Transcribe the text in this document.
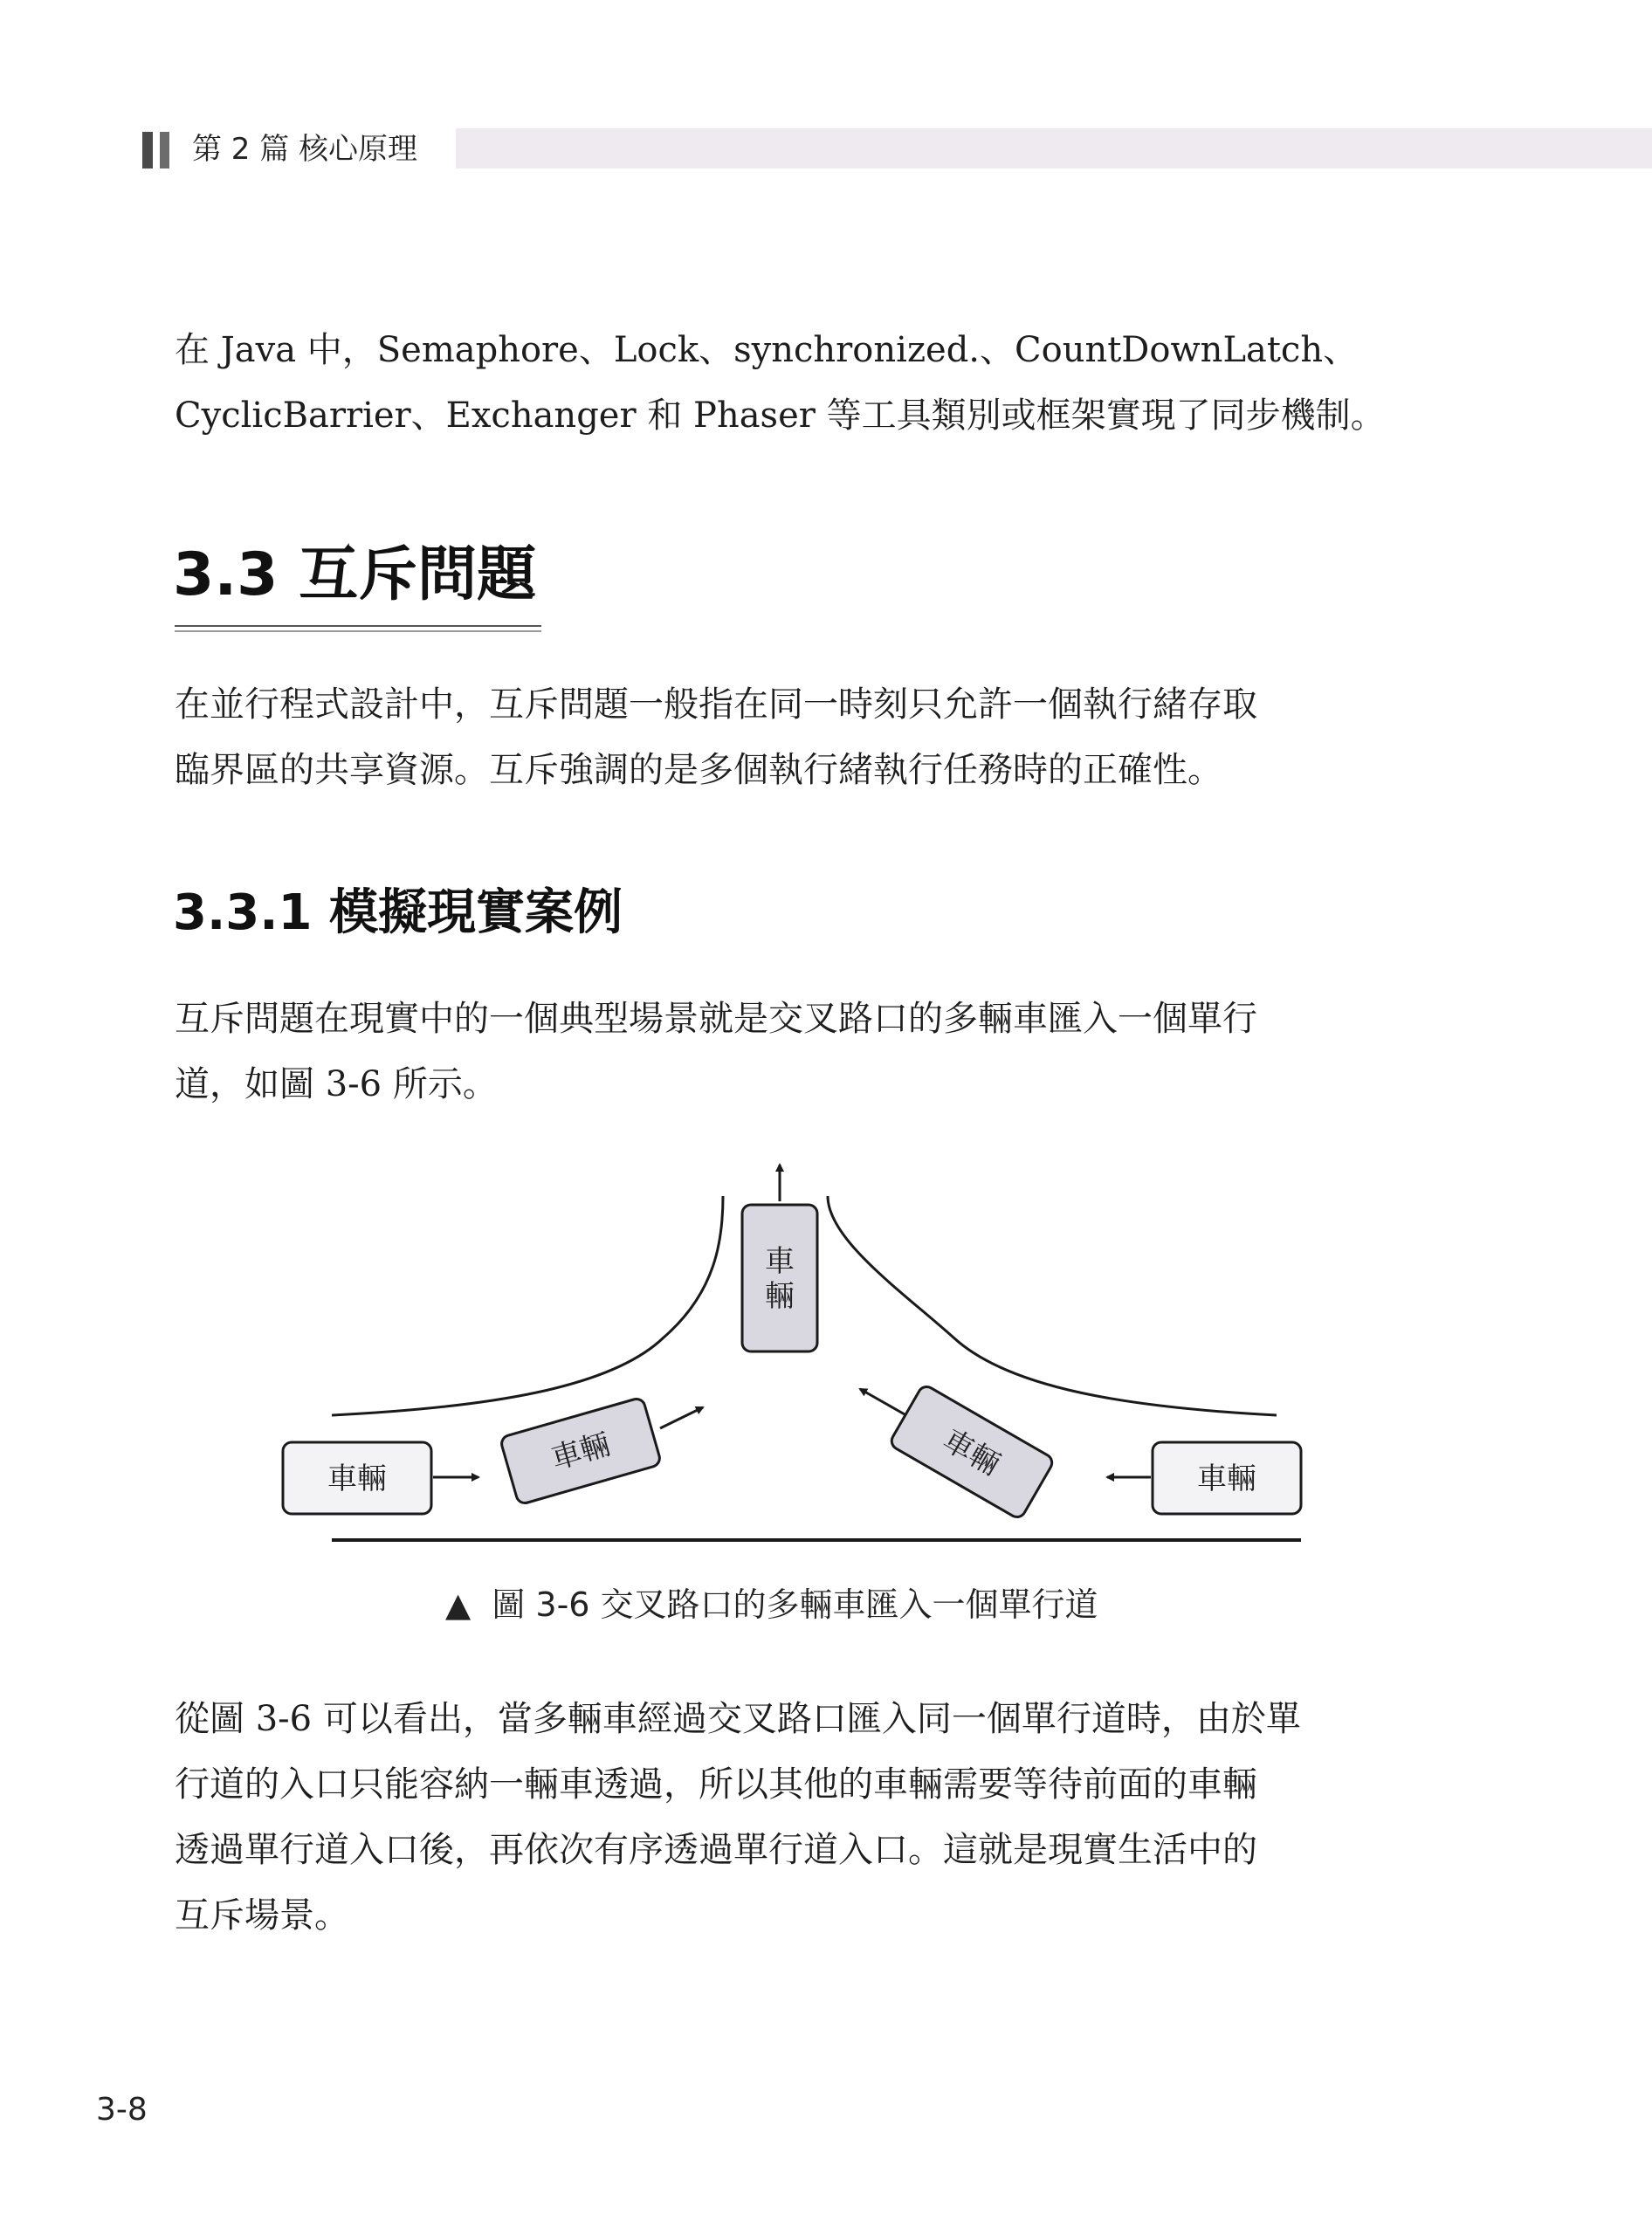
第 2 篇 核心原理
在 Java 中，Semaphore、Lock、synchronized.、CountDownLatch、
CyclicBarrier、Exchanger 和 Phaser 等工具類別或框架實現了同步機制。
3.3 互斥問題
在並行程式設計中，互斥問題一般指在同一時刻只允許一個執行緒存取
臨界區的共享資源。互斥強調的是多個執行緒執行任務時的正確性。
3.3.1 模擬現實案例
互斥問題在現實中的一個典型場景就是交叉路口的多輛車匯入一個單行
道，如圖 3-6 所示。
車
輛
車輛
車輛	車輛	車輛
▲ 圖 3-6 交叉路口的多輛車匯入一個單行道
從圖 3-6 可以看出，當多輛車經過交叉路口匯入同一個單行道時，由於單
行道的入口只能容納一輛車透過，所以其他的車輛需要等待前面的車輛
透過單行道入口後，再依次有序透過單行道入口。這就是現實生活中的
互斥場景。
3-8
